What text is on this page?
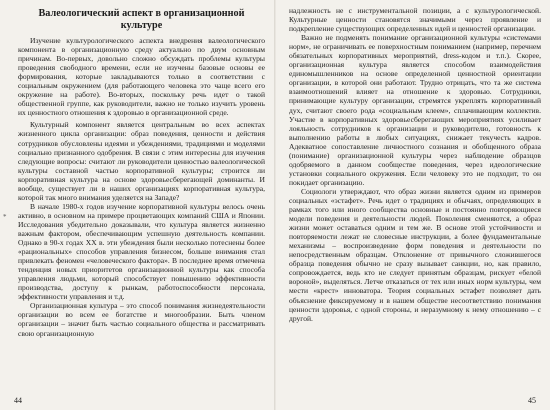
*
Валеологический аспект в организационной культуре

Изучение культурологического аспекта внедрения валеологического компонента в организационную среду актуально по двум основным причинам. Во-первых, довольно сложно обсуждать проблемы культуры проведения свободного времени, если не изучены базовые основы ее формирования, которые закладываются только в соответствии с социальным окружением (для работающего человека это чаще всего его окружение на работе). Во-вторых, поскольку речь идет о такой общественной группе, как руководители, важно не только изучить уровень их ценностного отношения к здоровью в организационной среде.

Культурный компонент является центральным во всех аспектах жизненного цикла организации: образ поведения, ценности и действия сотрудников обусловлены идеями и убеждениями, традициями и моделями социально признанного одобрения. В связи с этим интересны для изучения следующие вопросы: считают ли руководители ценностью валеологической культуры составной частью корпоративной культуры; строится ли корпоративная культура на основе здоровьесберегающей доминанты. И вообще, существует ли в наших организациях корпоративная культура, которой так много внимания уделяется на Западе?

В начале 1980-х годов изучение корпоративной культуры велось очень активно, в основном на примере процветающих компаний США и Японии. Исследования убедительно доказывали, что культура является жизненно важным фактором, обеспечивающим успешную деятельность компании. Однако в 90-х годах XX в. эти убеждения были несколько потеснены более «рациональных» способов управления бизнесом, больше внимания стал привлекать феномен «человеческого фактора». В последнее время отмечена тенденция новых приоритетов организационной культуры как способа управления людьми, который способствует повышению эффективности производства, доступу к рынкам, работоспособности персонала, эффективности управления и т.д.

Организационная культура – это способ понимания жизнедеятельности организации во всем ее богатстве и многообразии. Быть членом организации – значит быть частью социального общества и рассматривать свою организационную

44

надлежность не с инструментальной позиции, а с культурологической. Культурные ценности становятся значимыми через проявление и подкрепление существующих определенных идей и ценностей организации.

Важно не подменять понимание организационной культуры «системами норм», не ограничивать ее поверхностным пониманием (например, перечнем обязательных корпоративных мероприятий, dress-кодом и т.п.). Скорее, организационная культура является способом взаимодействия единомышленников на основе определенной ценностной ориентации организации, в которой они работают. Трудно отрицать, что та же система взаимоотношений влияет на отношение к здоровью. Сотрудники, принимающие культуру организации, стремятся укреплять корпоративный дух, считают своего рода «социальным клеем», сплачивающим коллектив. Участие в корпоративных здоровьесберегающих мероприятиях усиливает лояльность сотрудников к организации и руководителю, готовность к выполнению работы в любых ситуациях, снижает текучесть кадров. Адекватное сопоставление личностного сознания и обобщенного образа (понимание) организационной культуры через наблюдение образцов одобряемого в данном сообществе поведения, через идеологические установки социального окружения. Если человеку это не подходит, то он покидает организацию.

Социологи утверждают, что образ жизни является одним из примеров социальных «эстафет». Речь идет о традициях и обычаях, определяющих в рамках того или иного сообщества основные и постоянно повторяющиеся модели поведения и деятельности людей. Поколения сменяются, а образ жизни может оставаться одним и тем же. В основе этой устойчивости и повторяемости лежат не словесные инструкции, а более фундаментальные механизмы – воспроизведение форм поведения и деятельности по непосредственным образцам. Отклонение от привычного сложившегося образца поведения обычно не сразу вызывает санкции, но, как правило, сопровождается, ведь кто не следует принятым образцам, рискует «белой вороной», выделяться. Летче отказаться от тех или иных норм культуры, чем мести «крест» инноватора. Теория социальных эстафет позволяет дать объяснение фиксируемому и в нашем обществе несоответствию понимания ценности здоровья, с одной стороны, и неразумному к нему отношению – с другой.

45
